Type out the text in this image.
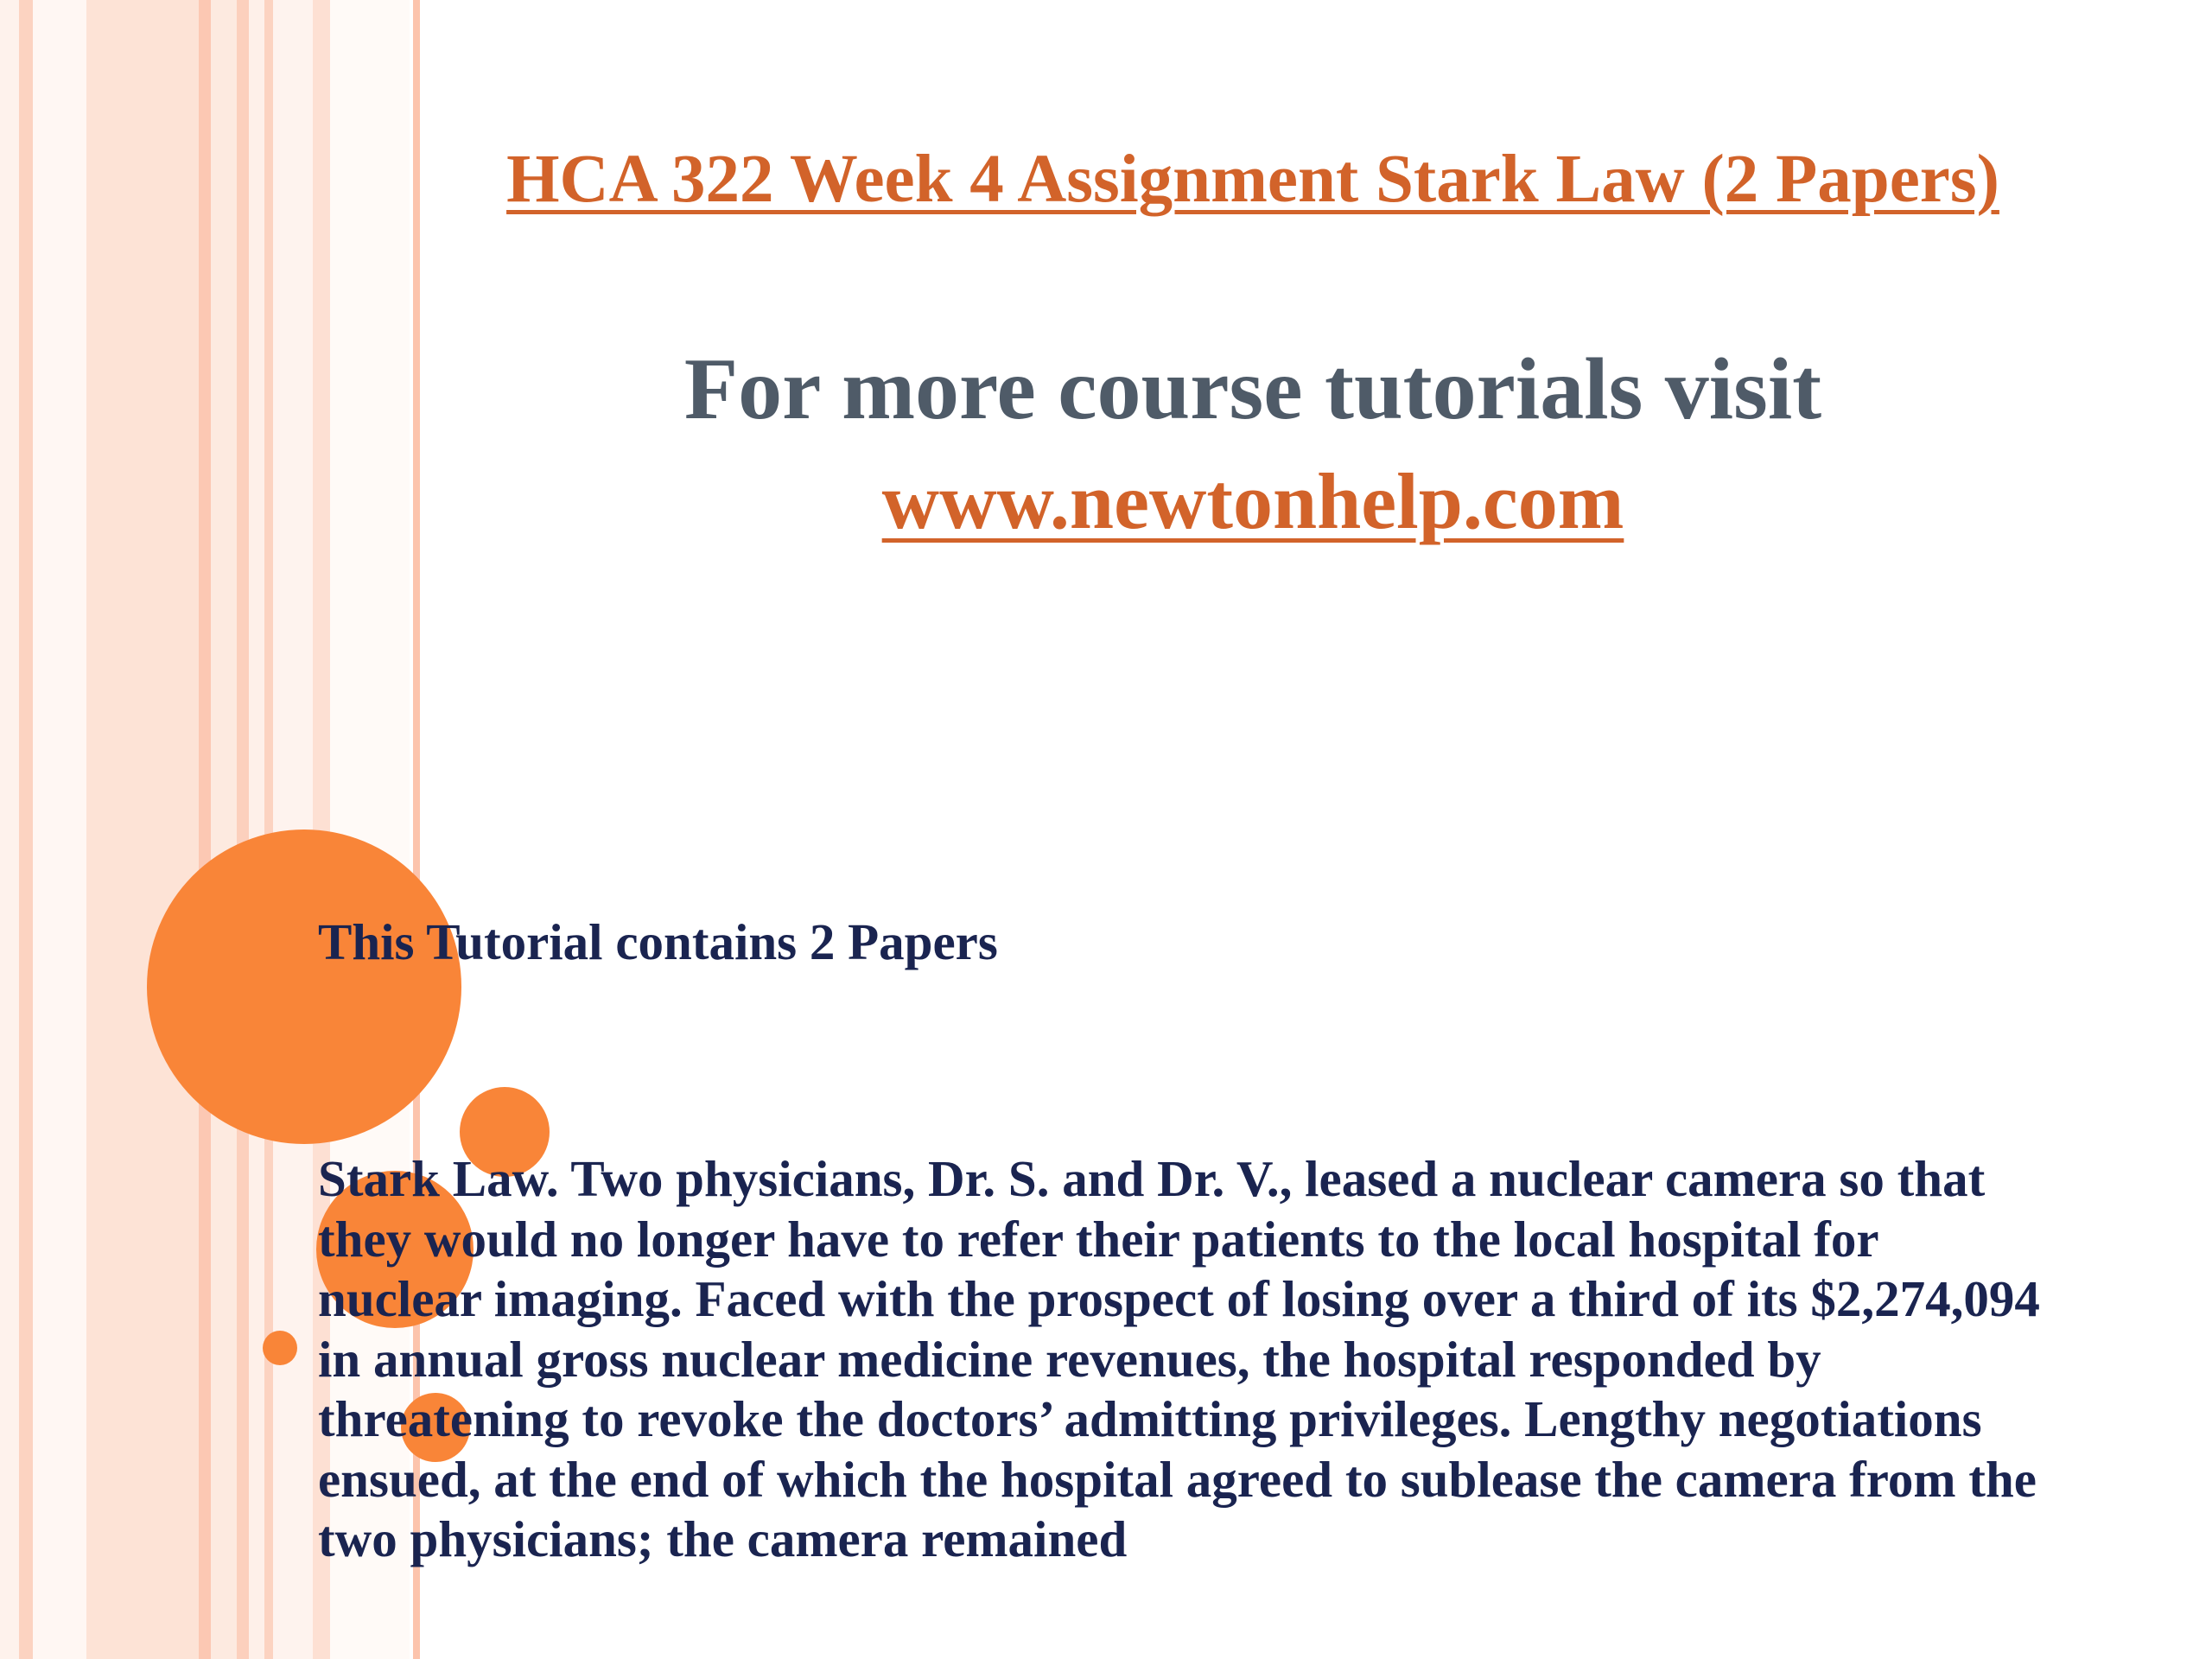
HCA 322 Week 4 Assignment Stark Law (2 Papers)
For more course tutorials visit
www.newtonhelp.com
This Tutorial contains 2 Papers
Stark Law. Two physicians, Dr. S. and Dr. V., leased a nuclear camera so that
they would no longer have to refer their patients to the local hospital for
nuclear imaging. Faced with the prospect of losing over a third of its $2,274,094
in annual gross nuclear medicine revenues, the hospital responded by
threatening to revoke the doctors’ admitting privileges. Lengthy negotiations
ensued, at the end of which the hospital agreed to sublease the camera from the
two physicians; the camera remained
